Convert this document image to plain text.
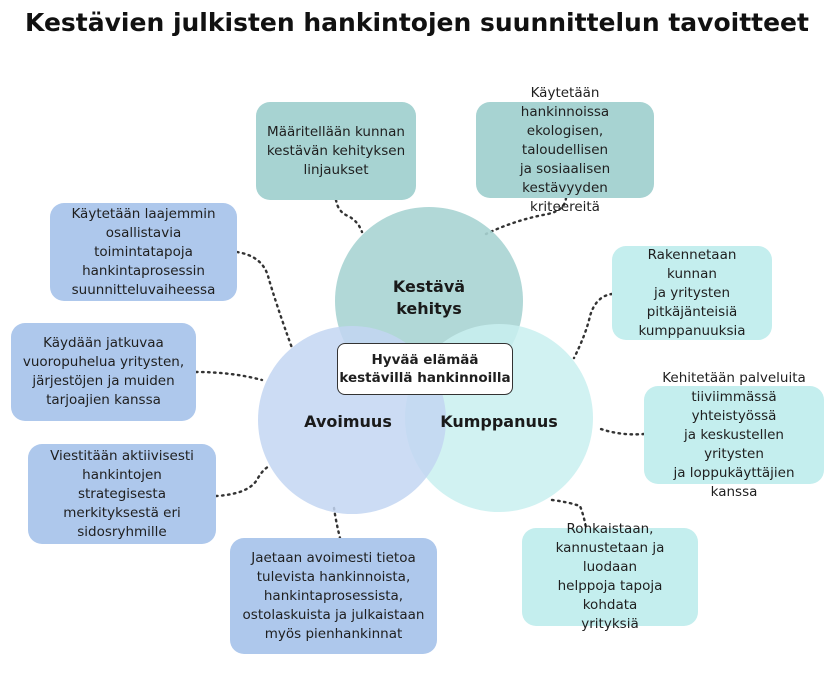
Kestävien julkisten hankintojen suunnittelun tavoitteet
Määritellään kunnan
kestävän kehityksen
linjaukset
Käytetään hankinnoissa
ekologisen, taloudellisen
ja sosiaalisen
kestävyyden kriteereitä
Käytetään laajemmin
osallistavia toimintatapoja
hankintaprosessin
suunnitteluvaiheessa
Käydään jatkuvaa
vuoropuhelua yritysten,
järjestöjen ja muiden
tarjoajien kanssa
Viestitään aktiivisesti
hankintojen strategisesta
merkityksestä eri
sidosryhmille
Jaetaan avoimesti tietoa
tulevista hankinnoista,
hankintaprosessista,
ostolaskuista ja julkaistaan
myös pienhankinnat
Rakennetaan kunnan
ja yritysten
pitkäjänteisiä
kumppanuuksia
Kehitetään palveluita
tiiviimmässä yhteistyössä
ja keskustellen yritysten
ja loppukäyttäjien kanssa
Rohkaistaan,
kannustetaan ja luodaan
helppoja tapoja kohdata
yrityksiä
Kestävä
kehitys
Avoimuus	Kumppanuus
Hyvää elämää
kestävillä hankinnoilla
